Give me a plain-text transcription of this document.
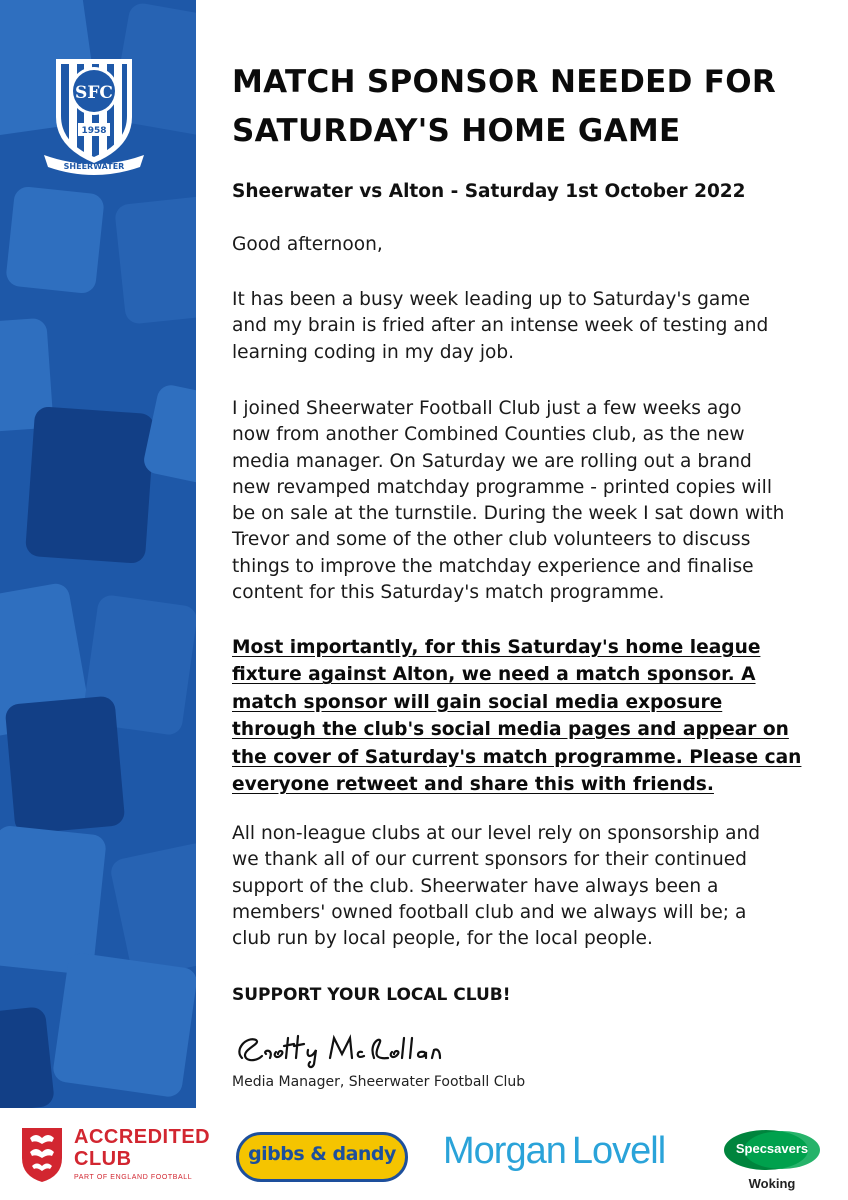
SFC
1958
SHEERWATER
MATCH SPONSOR NEEDED FOR
SATURDAY'S HOME GAME

Sheerwater vs Alton - Saturday 1st October 2022

Good afternoon,

It has been a busy week leading up to Saturday's game
and my brain is fried after an intense week of testing and
learning coding in my day job.

I joined Sheerwater Football Club just a few weeks ago
now from another Combined Counties club, as the new
media manager. On Saturday we are rolling out a brand
new revamped matchday programme - printed copies will
be on sale at the turnstile. During the week I sat down with
Trevor and some of the other club volunteers to discuss
things to improve the matchday experience and finalise
content for this Saturday's match programme.

Most importantly, for this Saturday's home league
fixture against Alton, we need a match sponsor. A
match sponsor will gain social media exposure
through the club's social media pages and appear on
the cover of Saturday's match programme. Please can
everyone retweet and share this with friends.

All non-league clubs at our level rely on sponsorship and
we thank all of our current sponsors for their continued
support of the club. Sheerwater have always been a
members' owned football club and we always will be; a
club run by local people, for the local people.

SUPPORT YOUR LOCAL CLUB!

Media Manager, Sheerwater Football Club
ACCREDITED
CLUB
PART OF ENGLAND FOOTBALL
gibbs & dandy Morgan Lovell	Specsavers
Woking
